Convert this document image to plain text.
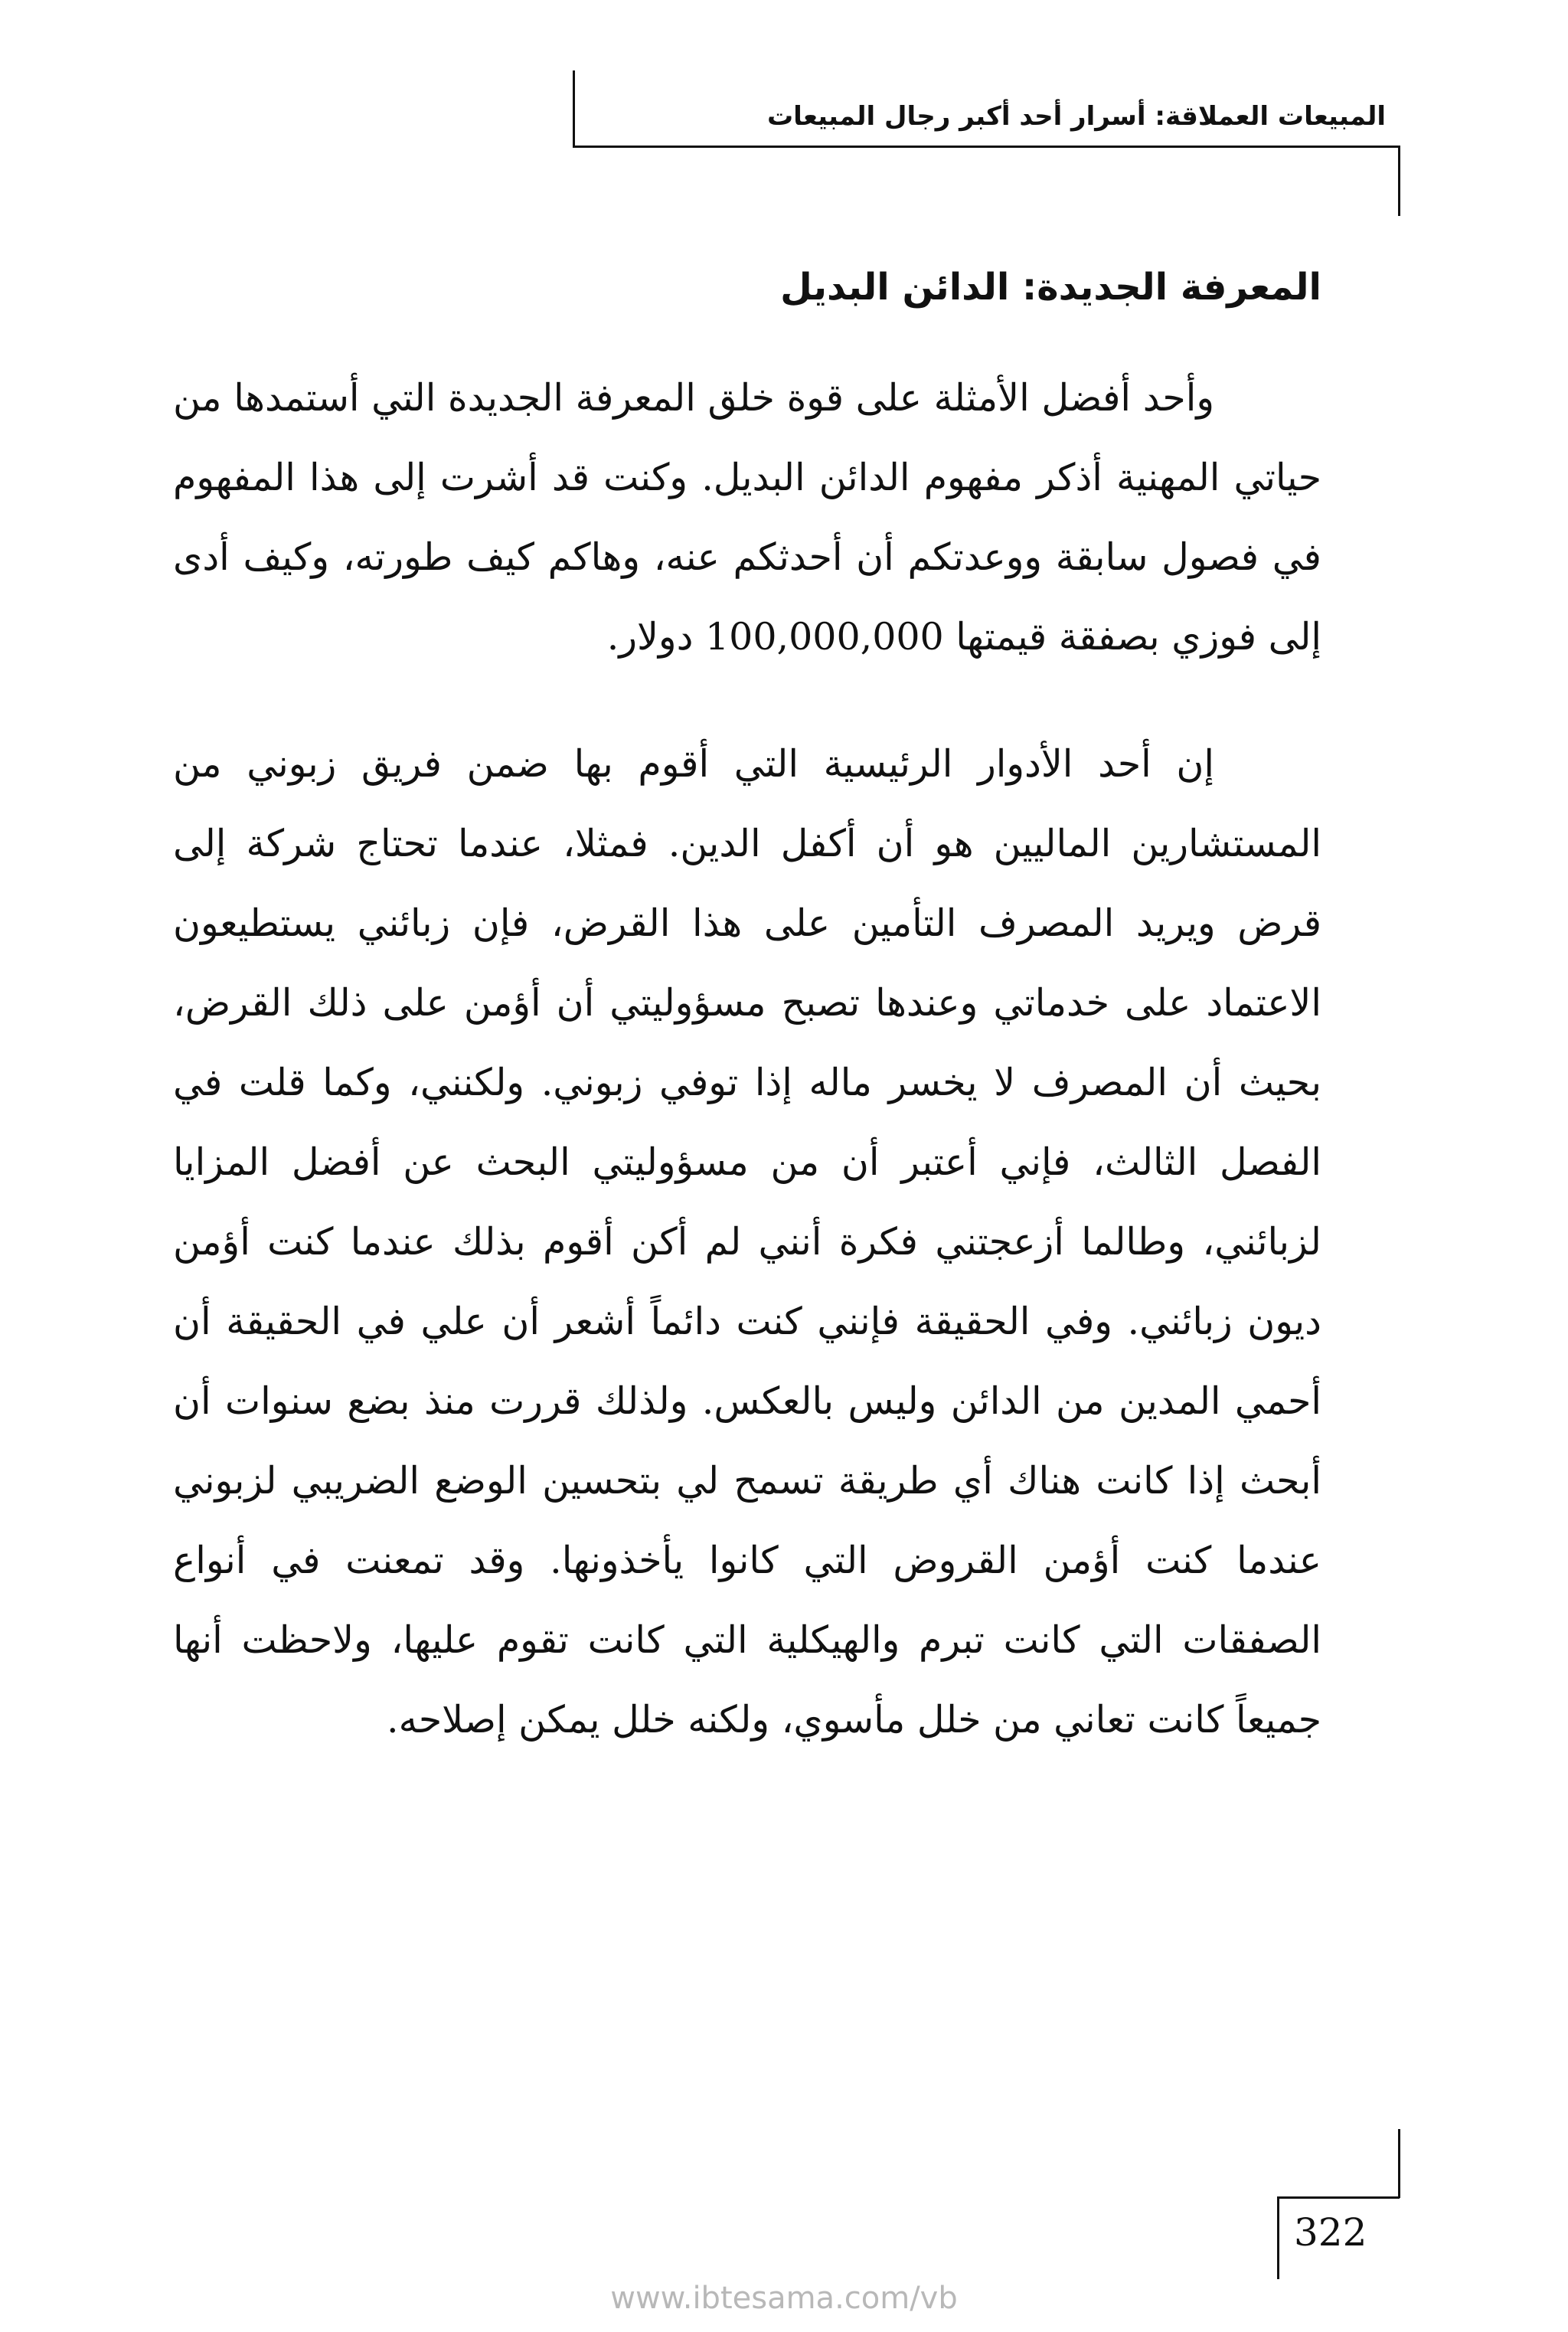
المبيعات العملاقة: أسرار أحد أكبر رجال المبيعات
المعرفة الجديدة: الدائن البديل

وأحد أفضل الأمثلة على قوة خلق المعرفة الجديدة التي أستمدها من حياتي المهنية أذكر مفهوم الدائن البديل. وكنت قد أشرت إلى هذا المفهوم في فصول سابقة ووعدتكم أن أحدثكم عنه، وهاكم كيف طورته، وكيف أدى إلى فوزي بصفقة قيمتها 100,000,000 دولار.

إن أحد الأدوار الرئيسية التي أقوم بها ضمن فريق زبوني من المستشارين الماليين هو أن أكفل الدين. فمثلا، عندما تحتاج شركة إلى قرض ويريد المصرف التأمين على هذا القرض، فإن زبائني يستطيعون الاعتماد على خدماتي وعندها تصبح مسؤوليتي أن أؤمن على ذلك القرض، بحيث أن المصرف لا يخسر ماله إذا توفي زبوني. ولكنني، وكما قلت في الفصل الثالث، فإني أعتبر أن من مسؤوليتي البحث عن أفضل المزايا لزبائني، وطالما أزعجتني فكرة أنني لم أكن أقوم بذلك عندما كنت أؤمن ديون زبائني. وفي الحقيقة فإنني كنت دائماً أشعر أن علي في الحقيقة أن أحمي المدين من الدائن وليس بالعكس. ولذلك قررت منذ بضع سنوات أن أبحث إذا كانت هناك أي طريقة تسمح لي بتحسين الوضع الضريبي لزبوني عندما كنت أؤمن القروض التي كانوا يأخذونها. وقد تمعنت في أنواع الصفقات التي كانت تبرم والهيكلية التي كانت تقوم عليها، ولاحظت أنها جميعاً كانت تعاني من خلل مأسوي، ولكنه خلل يمكن إصلاحه.

322
www.ibtesama.com/vb
